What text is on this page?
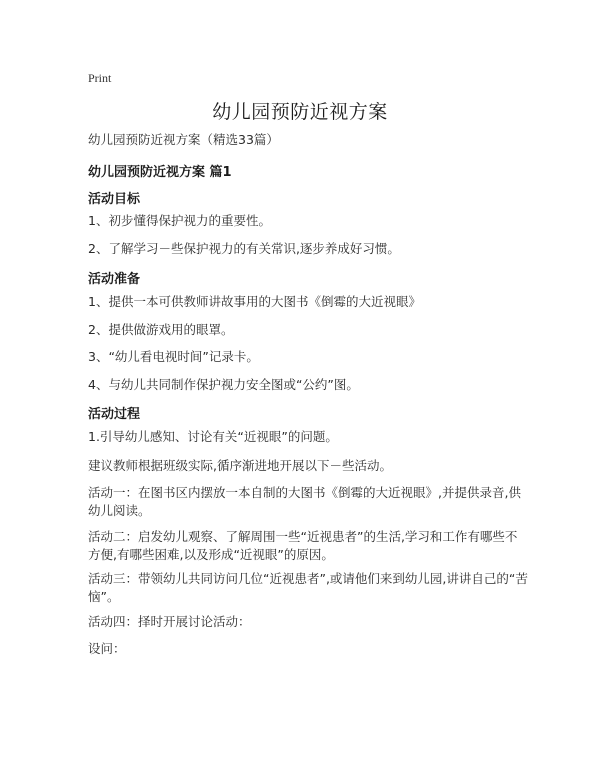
Print
幼儿园预防近视方案

幼儿园预防近视方案（精选33篇）

幼儿园预防近视方案 篇1

活动目标

1、初步懂得保护视力的重要性。

2、了解学习－些保护视力的有关常识,逐步养成好习惯。

活动准备

1、提供一本可供教师讲故事用的大图书《倒霉的大近视眼》

2、提供做游戏用的眼罩。

3、“幼儿看电视时间”记录卡。

4、与幼儿共同制作保护视力安全图或“公约”图。

活动过程

1.引导幼儿感知、讨论有关“近视眼”的问题。

建议教师根据班级实际,循序渐进地开展以下－些活动。

活动一：在图书区内摆放一本自制的大图书《倒霉的大近视眼》,并提供录音,供幼儿阅读。

活动二：启发幼儿观察、了解周围一些“近视患者”的生活,学习和工作有哪些不方便,有哪些困难,以及形成“近视眼”的原因。

活动三：带领幼儿共同访问几位“近视患者”,或请他们来到幼儿园,讲讲自己的“苦恼”。

活动四：择时开展讨论活动：

设问：
